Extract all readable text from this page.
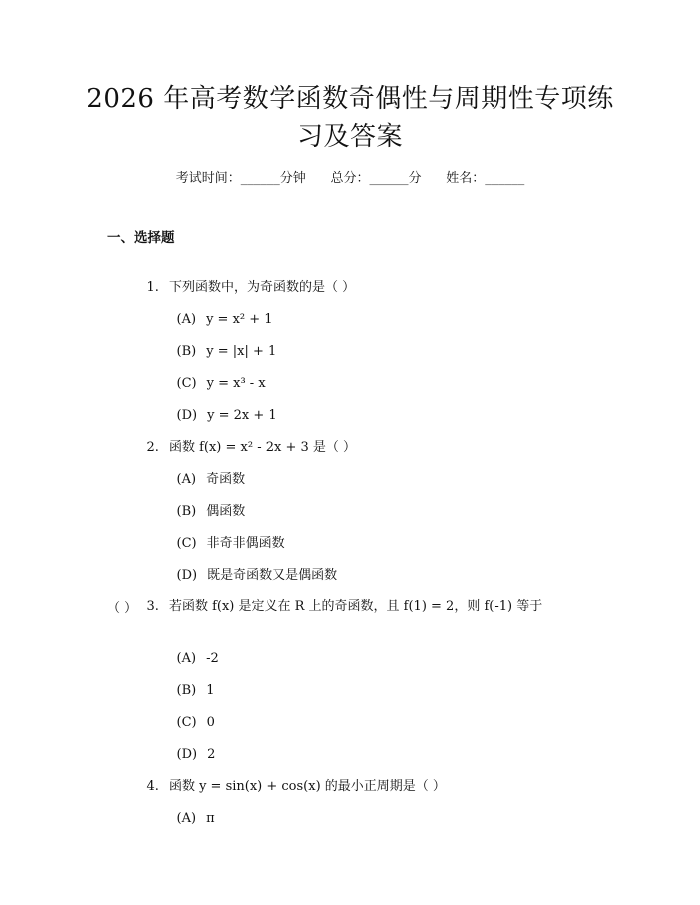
2026 年高考数学函数奇偶性与周期性专项练
习及答案
考试时间：______分钟      总分：______分      姓名：______
一、选择题

1. 下列函数中，为奇函数的是（ ）

(A) y = x² + 1

(B) y = |x| + 1

(C) y = x³ - x

(D) y = 2x + 1

2. 函数 f(x) = x² - 2x + 3 是（ ）

(A) 奇函数

(B) 偶函数

(C) 非奇非偶函数

(D) 既是奇函数又是偶函数

3. 若函数 f(x) 是定义在 R 上的奇函数，且 f(1) = 2，则 f(-1) 等于

（ ）

(A) -2

(B) 1

(C) 0

(D) 2

4. 函数 y = sin(x) + cos(x) 的最小正周期是（ ）

(A) π
